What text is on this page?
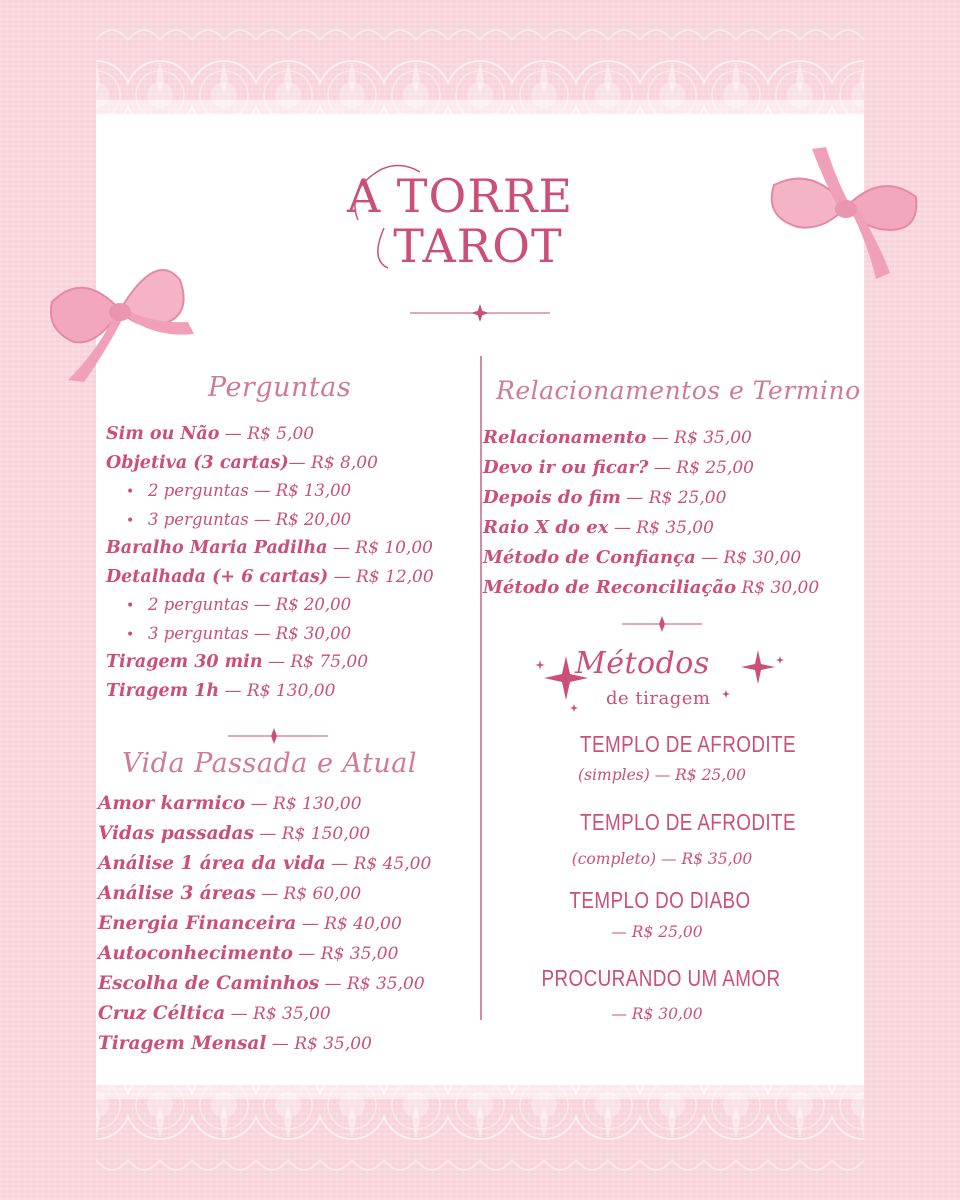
A TORRE
TAROT
Perguntas	Relacionamentos e Termino
Vida Passada e Atual
Sim ou Não — R$ 5,00
Objetiva (3 cartas)— R$ 8,00
• 2 perguntas — R$ 13,00
• 3 perguntas — R$ 20,00
Baralho Maria Padilha — R$ 10,00
Detalhada (+ 6 cartas) — R$ 12,00
• 2 perguntas — R$ 20,00
• 3 perguntas — R$ 30,00
Tiragem 30 min — R$ 75,00
Tiragem 1h — R$ 130,00
Amor karmico — R$ 130,00
Vidas passadas — R$ 150,00
Análise 1 área da vida — R$ 45,00
Análise 3 áreas — R$ 60,00
Energia Financeira — R$ 40,00
Autoconhecimento — R$ 35,00
Escolha de Caminhos — R$ 35,00
Cruz Céltica — R$ 35,00
Tiragem Mensal — R$ 35,00
Relacionamento — R$ 35,00
Devo ir ou ficar? — R$ 25,00
Depois do fim — R$ 25,00
Raio X do ex — R$ 35,00
Método de Confiança — R$ 30,00
Método de Reconciliação R$ 30,00
Métodos
de tiragem
TEMPLO DE AFRODITE
(simples) — R$ 25,00
TEMPLO DE AFRODITE
(completo) — R$ 35,00
TEMPLO DO DIABO
— R$ 25,00
PROCURANDO UM AMOR
— R$ 30,00
